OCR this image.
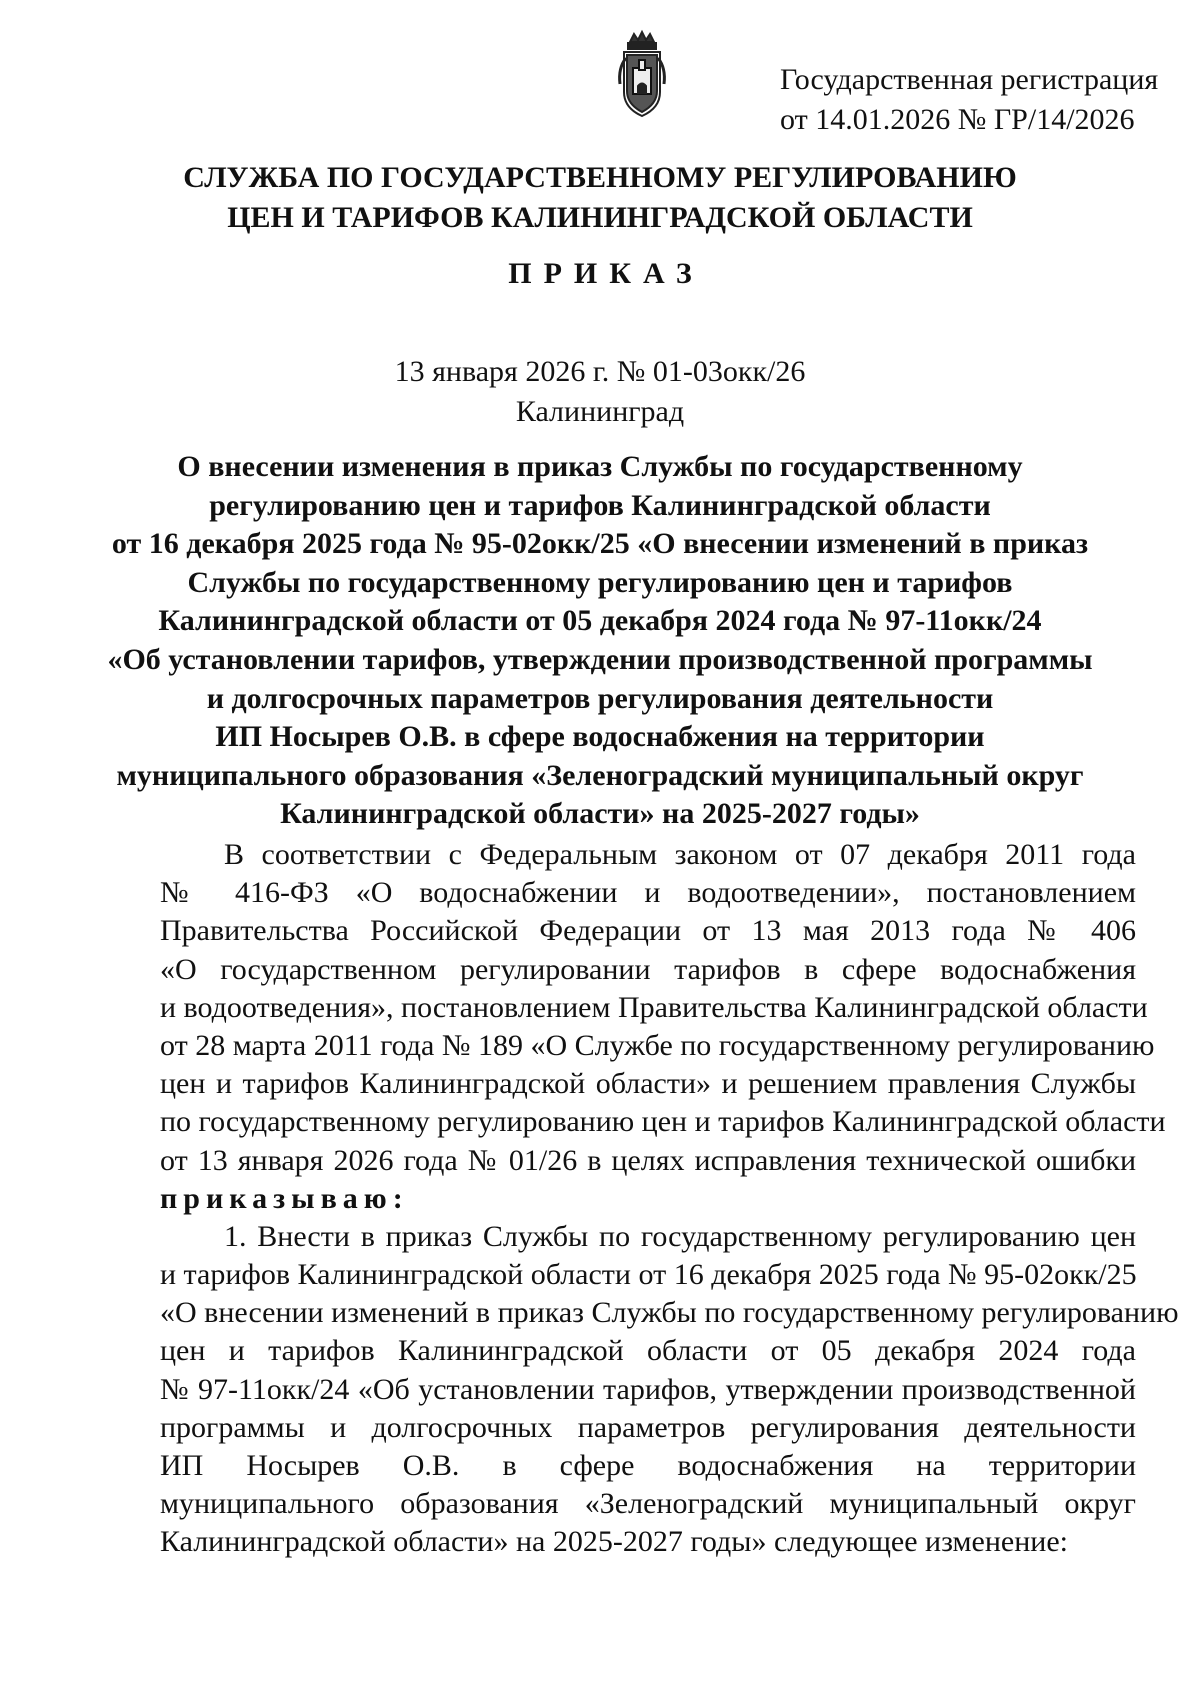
Государственная регистрация
от 14.01.2026 № ГР/14/2026
СЛУЖБА ПО ГОСУДАРСТВЕННОМУ РЕГУЛИРОВАНИЮ
ЦЕН И ТАРИФОВ КАЛИНИНГРАДСКОЙ ОБЛАСТИ
ПРИКАЗ
13 января 2026 г. № 01-03окк/26
Калининград
О внесении изменения в приказ Службы по государственному
регулированию цен и тарифов Калининградской области
от 16 декабря 2025 года № 95-02окк/25 «О внесении изменений в приказ
Службы по государственному регулированию цен и тарифов
Калининградской области от 05 декабря 2024 года № 97-11окк/24
«Об установлении тарифов, утверждении производственной программы
и долгосрочных параметров регулирования деятельности
ИП Носырев О.В. в сфере водоснабжения на территории
муниципального образования «Зеленоградский муниципальный округ
Калининградской области» на 2025-2027 годы»
В соответствии с Федеральным законом от 07 декабря 2011 года
№ 416-ФЗ «О водоснабжении и водоотведении», постановлением
Правительства Российской Федерации от 13 мая 2013 года № 406
«О государственном регулировании тарифов в сфере водоснабжения
и водоотведения», постановлением Правительства Калининградской области
от 28 марта 2011 года № 189 «О Службе по государственному регулированию
цен и тарифов Калининградской области» и решением правления Службы
по государственному регулированию цен и тарифов Калининградской области
от 13 января 2026 года № 01/26 в целях исправления технической ошибки
приказываю:
1. Внести в приказ Службы по государственному регулированию цен
и тарифов Калининградской области от 16 декабря 2025 года № 95-02окк/25
«О внесении изменений в приказ Службы по государственному регулированию
цен и тарифов Калининградской области от 05 декабря 2024 года
№ 97-11окк/24 «Об установлении тарифов, утверждении производственной
программы и долгосрочных параметров регулирования деятельности
ИП Носырев О.В. в сфере водоснабжения на территории
муниципального образования «Зеленоградский муниципальный округ
Калининградской области» на 2025-2027 годы» следующее изменение:
